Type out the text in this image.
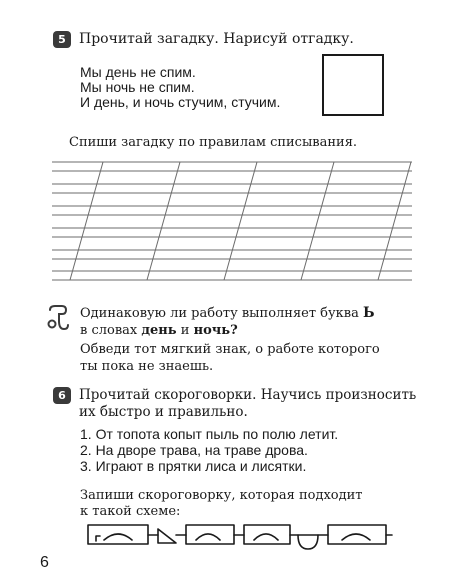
5 Прочитай загадку. Нарисуй отгадку.
Мы день не спим.
Мы ночь не спим.
И день, и ночь стучим, стучим.
Спиши загадку по правилам списывания.
Одинаковую ли работу выполняет буква Ь
в словах день и ночь?
Обведи тот мягкий знак, о работе которого
ты пока не знаешь.
6 Прочитай скороговорки. Научись произносить
их быстро и правильно.
1. От топота копыт пыль по полю летит.
2. На дворе трава, на траве дрова.
3. Играют в прятки лиса и лисятки.
Запиши скороговорку, которая подходит
к такой схеме:
6
